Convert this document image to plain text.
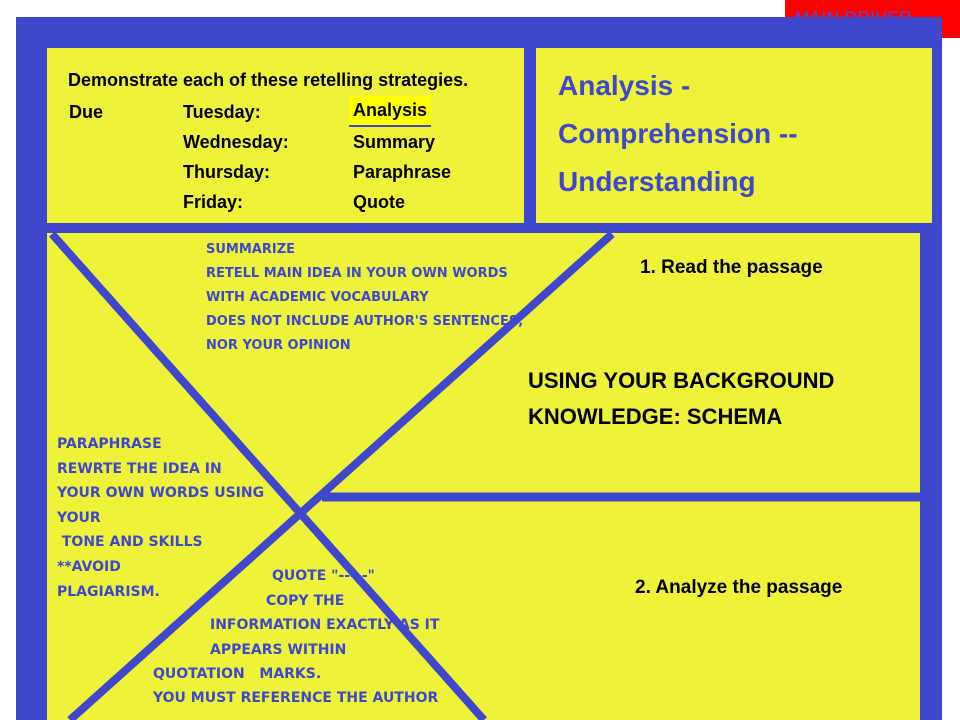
Demonstrate each of these retelling strategies.
Due	Tuesday:
Wednesday:
Thursday:
Friday:
Analysis
Summary
Paraphrase
Quote
Analysis -
Comprehension --
Understanding
1. Read the passage
USING YOUR BACKGROUND
KNOWLEDGE: SCHEMA
2. Analyze the passage
SUMMARIZE
RETELL MAIN IDEA IN YOUR OWN WORDS
WITH ACADEMIC VOCABULARY
DOES NOT INCLUDE AUTHOR'S SENTENCES,
NOR YOUR OPINION
PARAPHRASE
REWRTE THE IDEA IN
YOUR OWN WORDS USING
YOUR
TONE AND SKILLS
**AVOID
PLAGIARISM.
QUOTE "-----"
COPY THE
INFORMATION EXACTLY AS IT
APPEARS WITHIN
QUOTATION   MARKS.
YOU MUST REFERENCE THE AUTHOR
